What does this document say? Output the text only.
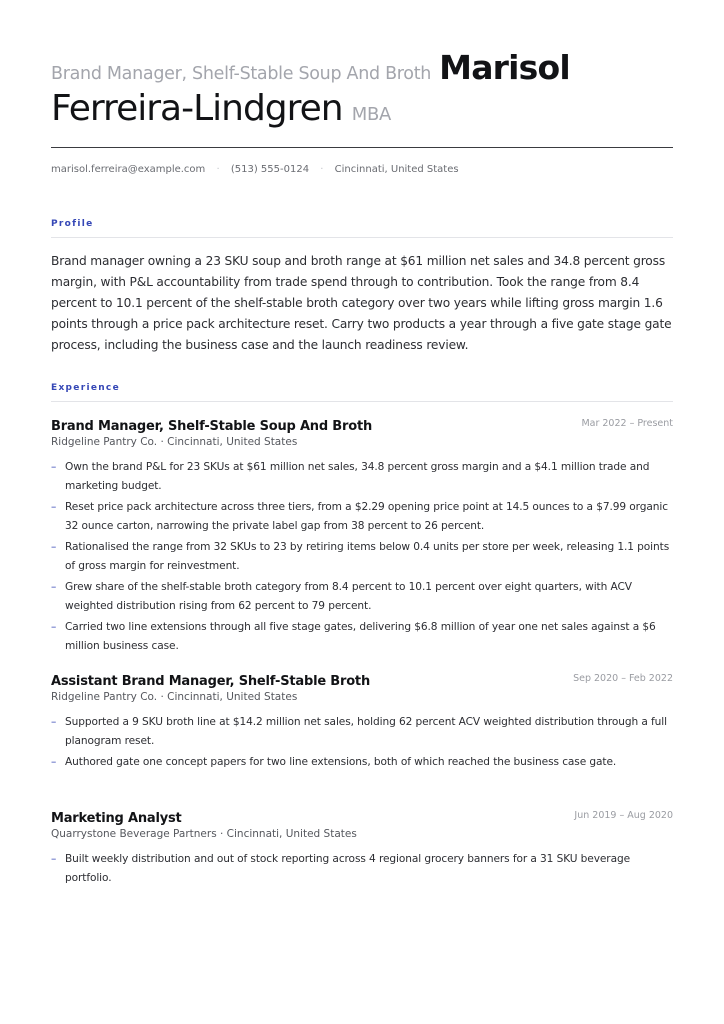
Brand Manager, Shelf-Stable Soup And Broth Marisol
Ferreira-Lindgren MBA
marisol.ferreira@example.com · (513) 555-0124 · Cincinnati, United States
Profile
Brand manager owning a 23 SKU soup and broth range at $61 million net sales and 34.8 percent gross margin, with P&L accountability from trade spend through to contribution. Took the range from 8.4 percent to 10.1 percent of the shelf-stable broth category over two years while lifting gross margin 1.6 points through a price pack architecture reset. Carry two products a year through a five gate stage gate process, including the business case and the launch readiness review.
Experience
Brand Manager, Shelf-Stable Soup And Broth	Mar 2022 – Present
Ridgeline Pantry Co. · Cincinnati, United States
– Own the brand P&L for 23 SKUs at $61 million net sales, 34.8 percent gross margin and a $4.1 million trade and marketing budget.
– Reset price pack architecture across three tiers, from a $2.29 opening price point at 14.5 ounces to a $7.99 organic 32 ounce carton, narrowing the private label gap from 38 percent to 26 percent.
– Rationalised the range from 32 SKUs to 23 by retiring items below 0.4 units per store per week, releasing 1.1 points of gross margin for reinvestment.
– Grew share of the shelf-stable broth category from 8.4 percent to 10.1 percent over eight quarters, with ACV weighted distribution rising from 62 percent to 79 percent.
– Carried two line extensions through all five stage gates, delivering $6.8 million of year one net sales against a $6 million business case.
Assistant Brand Manager, Shelf-Stable Broth	Sep 2020 – Feb 2022
Ridgeline Pantry Co. · Cincinnati, United States
– Supported a 9 SKU broth line at $14.2 million net sales, holding 62 percent ACV weighted distribution through a full planogram reset.
– Authored gate one concept papers for two line extensions, both of which reached the business case gate.
Marketing Analyst	Jun 2019 – Aug 2020
Quarrystone Beverage Partners · Cincinnati, United States
– Built weekly distribution and out of stock reporting across 4 regional grocery banners for a 31 SKU beverage portfolio.
